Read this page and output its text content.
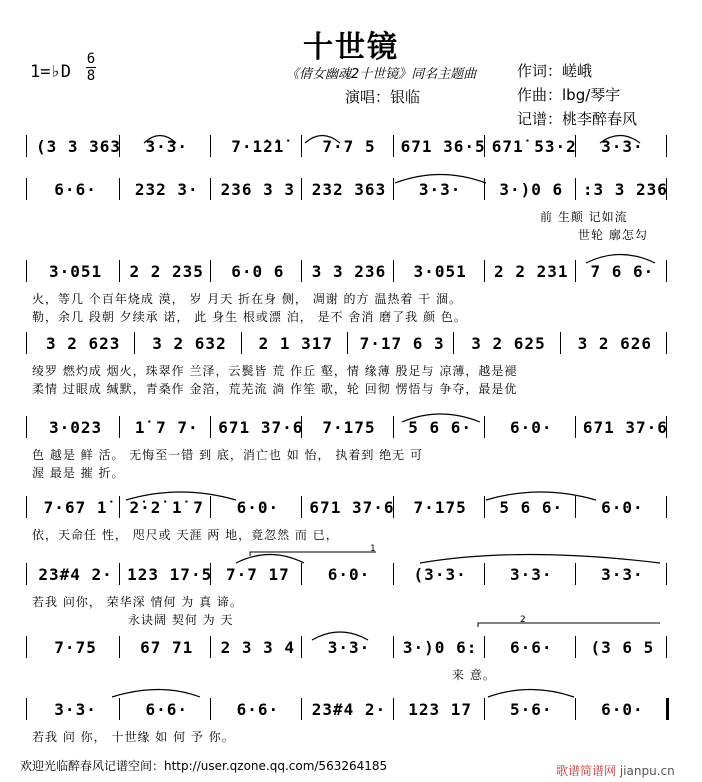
十世镜
1=♭D
6
8	《倩女幽魂2十世镜》同名主题曲
演唱：银临
作词：嵯峨
作曲：lbg/琴宇
记谱：桃李醉春风
(3 3 363	3·3·	7·1̇2̇1̇	7·7 5	671 36·5 671̇ 53·2	3·3·
6·6·	232 3·	236 3 3 232 363	3·3·	3·)0 6	:3 3 236
前 生颠 记如流
世轮 廓怎勾
3·051	2 2 235	6·0 6	3 3 236	3·051	2 2 231	7 6 6·
火，等几 个百年烧成 漠， 岁 月天 折在身 侧， 凋谢 的方 温热着 干 涸。
勒，余几 段朝 夕续承 诺， 此 身生 根或漂 泊， 是不 舍消 磨了我 颜 色。
3 2 623	3 2 632	2 1 317	7·17 6 3	3 2 625	3 2 626
绫罗 燃灼成 烟火，珠翠作 兰泽，云鬓皆 荒 作丘 壑，情 缘薄 殷足与 凉薄，越是褪
柔情 过眼成 缄默，青桑作 金箔，荒芜流 淌 作笙 歌，轮 回彻 愣悟与 争夺，最是优
3·023	1̇ 7 7·	671 37·6	7·175	5 6 6·	6·0·	671 37·6
色 越是 鲜 活。 无悔至一错 到 底，消亡也 如 怡， 执着到 绝无 可
渥 最是 摧 折。
7·67 1̇	2̇·2̇ 1̇ 7	6·0·	671 37·6	7·175	5 6 6·	6·0·
依，天命任 性， 咫尺或 天涯 两 地，竟忽然 而 已，
23#4 2· 123 17·5 7·7 17	6·0·	(3·3·	3·3·	3·3·
若我 问你， 荣华深 情何 为 真 谛。
永诀阔 契何 为 天
7·75	67 71	2 3 3 4	3·3·	3·)0 6:	6·6·	(3 6 5
来 意。
3·3·	6·6·	6·6·	23#4 2·	123 17	5·6·	6·0·
若我 问 你， 十世缘 如 何 予 你。
1
2
欢迎光临醉春风记谱空间：http://user.qzone.qq.com/563264185	歌谱简谱网 jianpu.cn
